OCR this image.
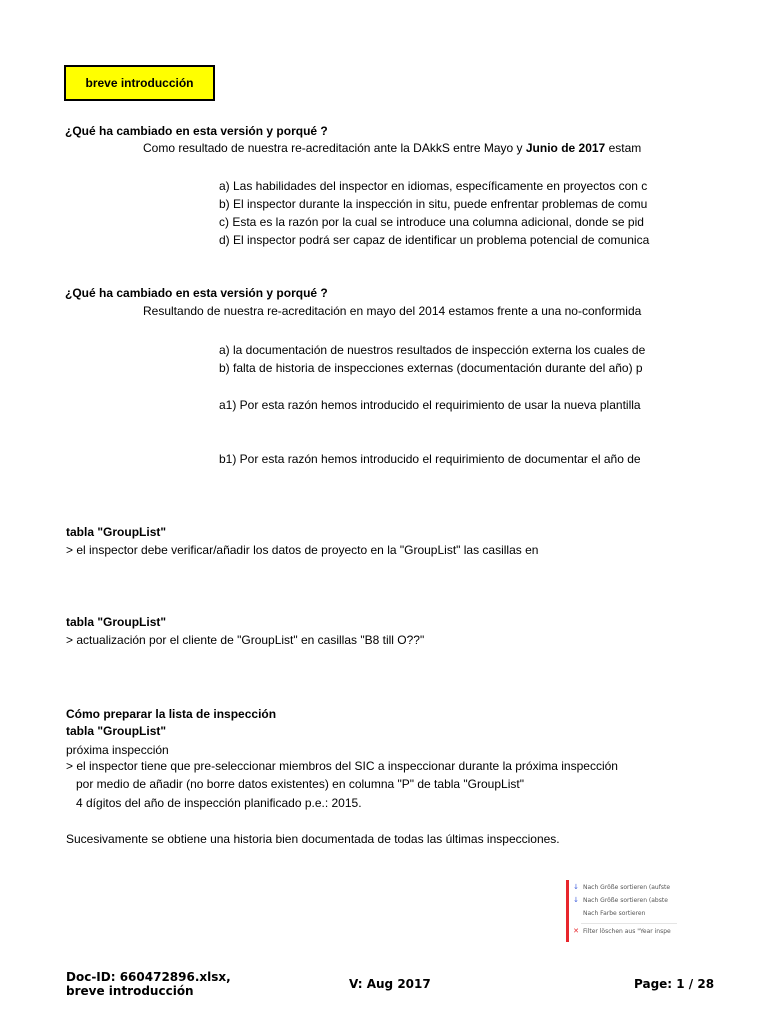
breve introducción
¿Qué ha cambiado en esta versión y porqué ?
Como resultado de nuestra re-acreditación ante la DAkkS entre Mayo y Junio de 2017 estam
a) Las habilidades del inspector en idiomas, específicamente en proyectos con c
b) El inspector durante la inspección in situ, puede enfrentar problemas de comu
c) Esta es la razón por la cual se introduce una columna adicional, donde se pid
d) El inspector podrá ser capaz de identificar un problema potencial de comunica
¿Qué ha cambiado en esta versión y porqué ?
Resultando de nuestra re-acreditación en mayo del 2014 estamos frente a una no-conformida
a) la documentación de nuestros resultados de inspección externa los cuales de
b) falta de historia de inspecciones externas (documentación durante del año) p
a1) Por esta razón hemos introducido el requirimiento de usar la nueva plantilla
b1) Por esta razón hemos introducido el requirimiento de documentar el año de
tabla "GroupList"
> el inspector debe verificar/añadir los datos de proyecto en la "GroupList" las casillas en
tabla "GroupList"
> actualización por el cliente de "GroupList" en casillas "B8 till O??"
Cómo preparar la lista de inspección
tabla "GroupList"
próxima inspección
> el inspector tiene que pre-seleccionar miembros del SIC a inspeccionar durante la próxima inspección
por medio de añadir (no borre datos existentes) en columna "P" de tabla "GroupList"
4 dígitos del año de inspección planificado p.e.: 2015.
Sucesivamente se obtiene una historia bien documentada de todas las últimas inspecciones.
↓ Nach Größe sortieren (aufste
↓ Nach Größe sortieren (abste
Nach Farbe sortieren
✕ Filter löschen aus "Year inspe
Doc-ID: 660472896.xlsx,
breve introducción	V: Aug 2017	Page: 1 / 28
